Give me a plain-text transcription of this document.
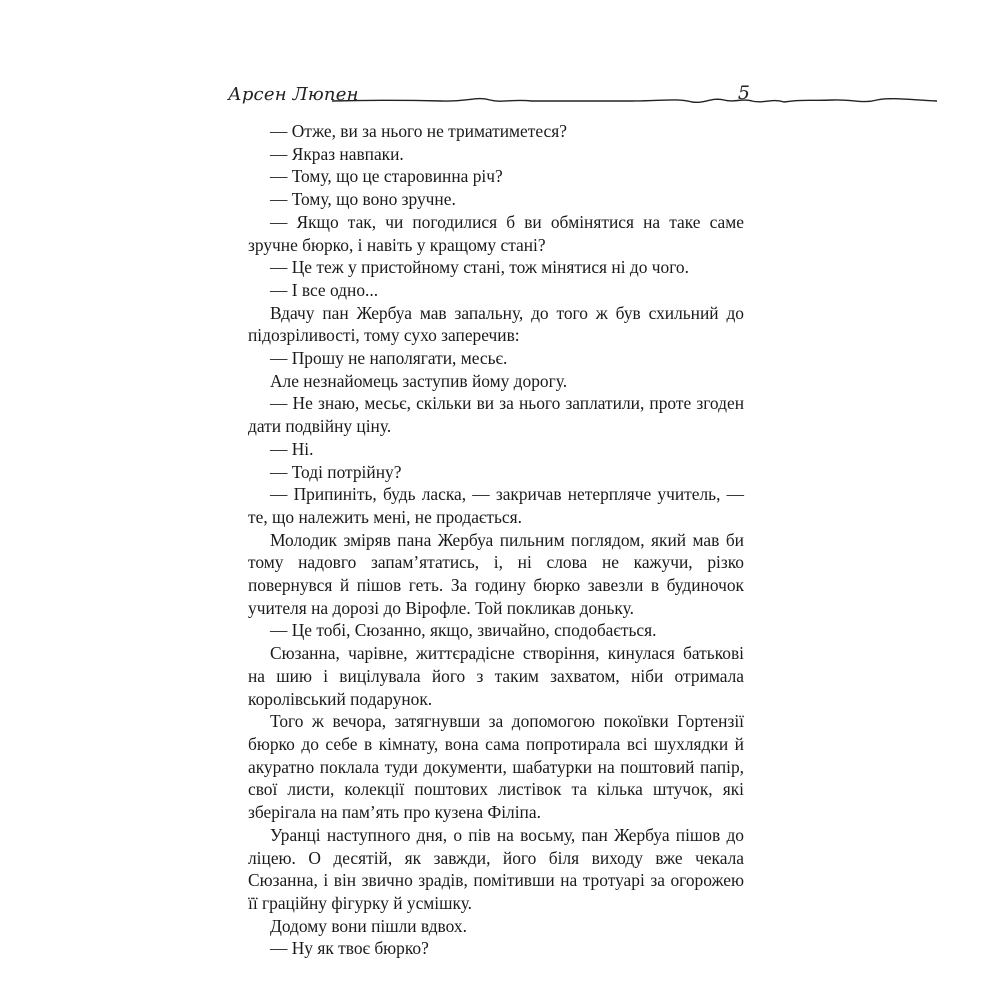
Арсен Люпен	5

— Отже, ви за нього не триматиметеся?

— Якраз навпаки.

— Тому, що це старовинна річ?

— Тому, що воно зручне.

— Якщо так, чи погодилися б ви обмінятися на таке саме зручне бюрко, і навіть у кращому стані?

— Це теж у пристойному стані, тож мінятися ні до чого.

— І все одно...

Вдачу пан Жербуа мав запальну, до того ж був схильний до підозріливості, тому сухо заперечив:

— Прошу не наполягати, месьє.

Але незнайомець заступив йому дорогу.

— Не знаю, месьє, скільки ви за нього заплатили, проте згоден дати подвійну ціну.

— Ні.

— Тоді потрійну?

— Припиніть, будь ласка, — закричав нетерпляче учитель, — те, що належить мені, не продається.

Молодик зміряв пана Жербуа пильним поглядом, який мав би тому надовго запам’ятатись, і, ні слова не кажучи, різко повернувся й пішов геть. За годину бюрко завезли в будиночок учителя на дорозі до Вірофле. Той покликав доньку.

— Це тобі, Сюзанно, якщо, звичайно, сподобається.

Сюзанна, чарівне, життєрадісне створіння, кинулася батькові на шию і вицілувала його з таким захватом, ніби отримала королівський подарунок.

Того ж вечора, затягнувши за допомогою покоївки Гортензії бюрко до себе в кімнату, вона сама попротирала всі шухлядки й акуратно поклала туди документи, шабатурки на поштовий папір, свої листи, колекції поштових листівок та кілька штучок, які зберігала на пам’ять про кузена Філіпа.

Уранці наступного дня, о пів на восьму, пан Жербуа пішов до ліцею. О десятій, як завжди, його біля виходу вже чекала Сюзанна, і він звично зрадів, помітивши на тротуарі за огорожею її граційну фігурку й усмішку.

Додому вони пішли вдвох.

— Ну як твоє бюрко?
